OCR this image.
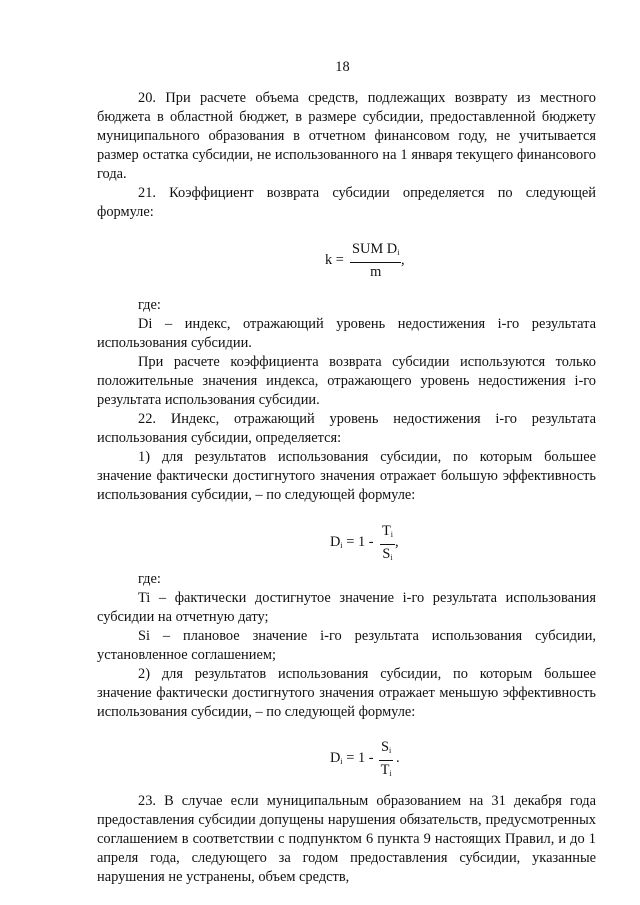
18

20. При расчете объема средств, подлежащих возврату из местного бюджета в областной бюджет, в размере субсидии, предоставленной бюджету муниципального образования в отчетном финансовом году, не учитывается размер остатка субсидии, не использованного на 1 января текущего финансового года.

21. Коэффициент возврата субсидии определяется по следующей формуле:

k =
SUM $D_i$
m
,

где:

Di – индекс, отражающий уровень недостижения i-го результата использования субсидии.

При расчете коэффициента возврата субсидии используются только положительные значения индекса, отражающего уровень недостижения i-го результата использования субсидии.

22. Индекс, отражающий уровень недостижения i-го результата использования субсидии, определяется:

1) для результатов использования субсидии, по которым большее значение фактически достигнутого значения отражает большую эффективность использования субсидии, – по следующей формуле:

$D_i = 1 - \frac{T_i}{S_i}$ ,

где:

Ti – фактически достигнутое значение i-го результата использования субсидии на отчетную дату;

Si – плановое значение i-го результата использования субсидии, установленное соглашением;

2) для результатов использования субсидии, по которым большее значение фактически достигнутого значения отражает меньшую эффективность использования субсидии, – по следующей формуле:

$D_i = 1 - \frac{S_i}{T_i}$ .

23. В случае если муниципальным образованием на 31 декабря года предоставления субсидии допущены нарушения обязательств, предусмотренных соглашением в соответствии с подпунктом 6 пункта 9 настоящих Правил, и до 1 апреля года, следующего за годом предоставления субсидии, указанные нарушения не устранены, объем средств,
